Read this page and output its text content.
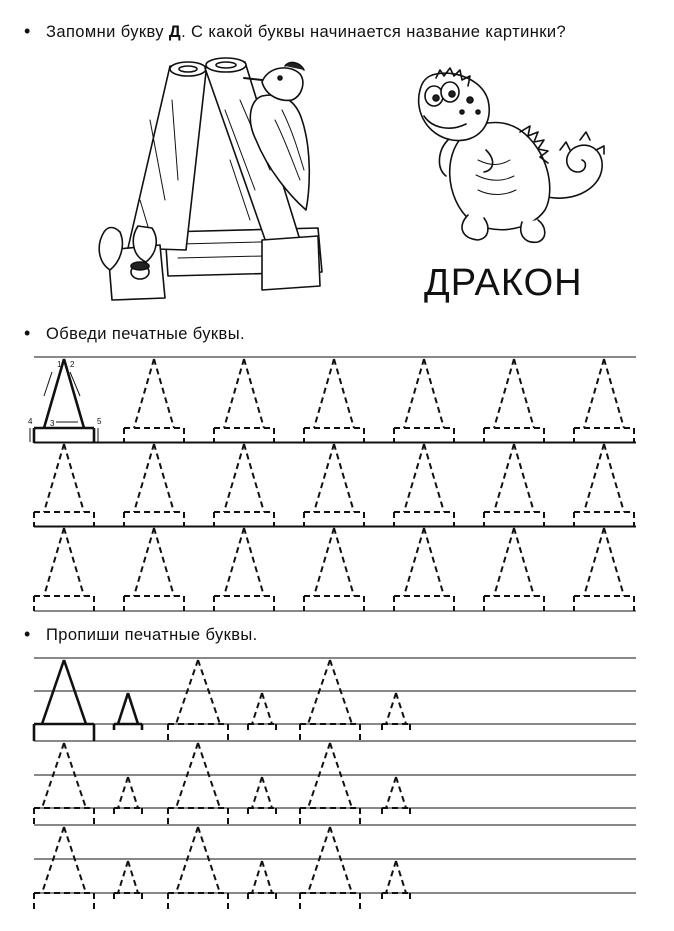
• Запомни букву Д. С какой буквы начинается название картинки?
• Обведи печатные буквы.
• Пропиши печатные буквы.
ДРАКОН
1 2
3
4	5
